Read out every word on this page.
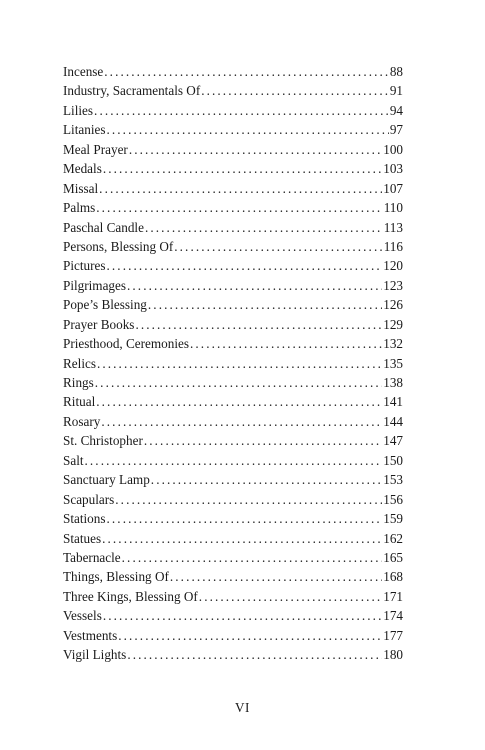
Incense .....	88
Industry, Sacramentals Of .....	91
Lilies .....	94
Litanies .....	97
Meal Prayer .....	100
Medals .....	103
Missal .....	107
Palms .....	110
Paschal Candle .....	113
Persons, Blessing Of .....	116
Pictures .....	120
Pilgrimages .....	123
Pope’s Blessing .....	126
Prayer Books .....	129
Priesthood, Ceremonies .....	132
Relics .....	135
Rings .....	138
Ritual .....	141
Rosary .....	144
St. Christopher .....	147
Salt .....	150
Sanctuary Lamp .....	153
Scapulars .....	156
Stations .....	159
Statues .....	162
Tabernacle .....	165
Things, Blessing Of .....	168
Three Kings, Blessing Of .....	171
Vessels .....	174
Vestments .....	177
Vigil Lights .....	180
VI
